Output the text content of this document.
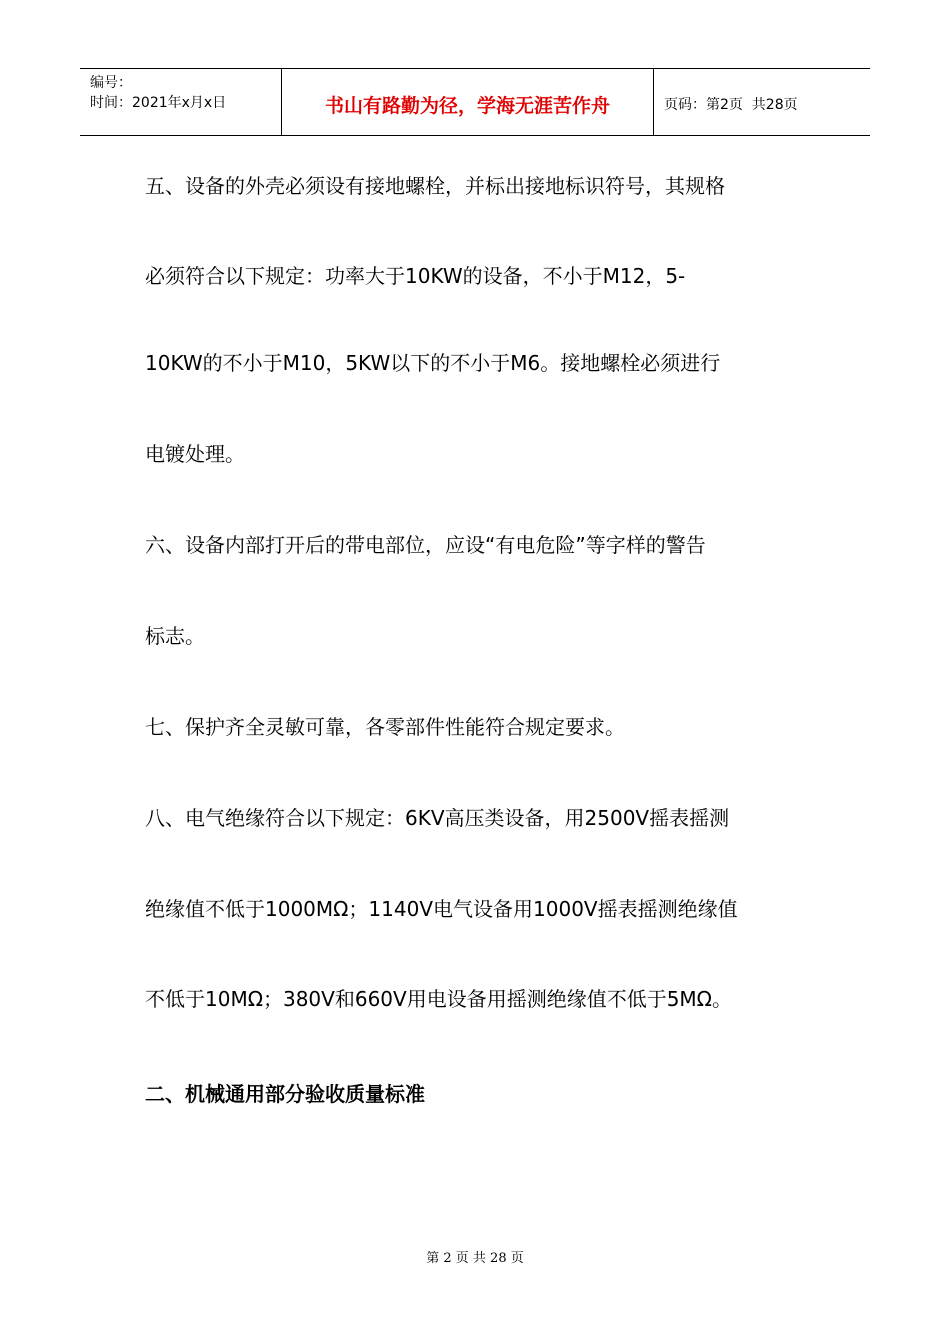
编号：
时间：2021年x月x日	书山有路勤为径，学海无涯苦作舟	页码：第2页  共28页
五、设备的外壳必须设有接地螺栓，并标出接地标识符号，其规格
必须符合以下规定：功率大于10KW的设备，不小于M12，5-
10KW的不小于M10，5KW以下的不小于M6。接地螺栓必须进行
电镀处理。
六、设备内部打开后的带电部位，应设“有电危险”等字样的警告
标志。
七、保护齐全灵敏可靠，各零部件性能符合规定要求。
八、电气绝缘符合以下规定：6KV高压类设备，用2500V摇表摇测
绝缘值不低于1000MΩ；1140V电气设备用1000V摇表摇测绝缘值
不低于10MΩ；380V和660V用电设备用摇测绝缘值不低于5MΩ。
二、机械通用部分验收质量标准
第 2 页 共 28 页
